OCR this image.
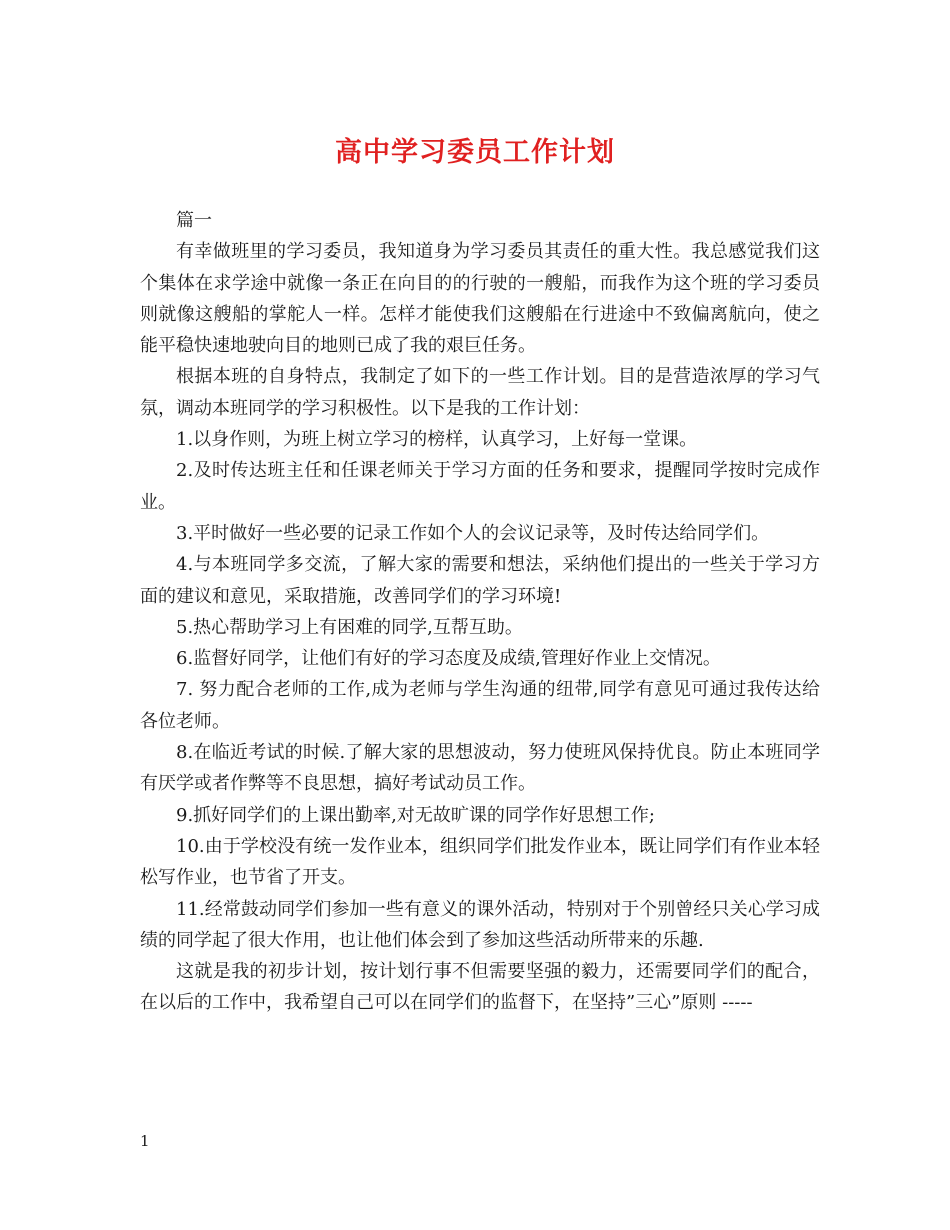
高中学习委员工作计划

篇一

有幸做班里的学习委员，我知道身为学习委员其责任的重大性。我总感觉我们这个集体在求学途中就像一条正在向目的的行驶的一艘船，而我作为这个班的学习委员则就像这艘船的掌舵人一样。怎样才能使我们这艘船在行进途中不致偏离航向，使之能平稳快速地驶向目的地则已成了我的艰巨任务。

根据本班的自身特点，我制定了如下的一些工作计划。目的是营造浓厚的学习气氛，调动本班同学的学习积极性。以下是我的工作计划：

1.以身作则，为班上树立学习的榜样，认真学习，上好每一堂课。

2.及时传达班主任和任课老师关于学习方面的任务和要求，提醒同学按时完成作业。

3.平时做好一些必要的记录工作如个人的会议记录等，及时传达给同学们。

4.与本班同学多交流，了解大家的需要和想法，采纳他们提出的一些关于学习方面的建议和意见，采取措施，改善同学们的学习环境!

5.热心帮助学习上有困难的同学,互帮互助。

6.监督好同学，让他们有好的学习态度及成绩,管理好作业上交情况。

7. 努力配合老师的工作,成为老师与学生沟通的纽带,同学有意见可通过我传达给各位老师。

8.在临近考试的时候.了解大家的思想波动，努力使班风保持优良。防止本班同学有厌学或者作弊等不良思想，搞好考试动员工作。

9.抓好同学们的上课出勤率,对无故旷课的同学作好思想工作;

10.由于学校没有统一发作业本，组织同学们批发作业本，既让同学们有作业本轻松写作业，也节省了开支。

11.经常鼓动同学们参加一些有意义的课外活动，特别对于个别曾经只关心学习成绩的同学起了很大作用，也让他们体会到了参加这些活动所带来的乐趣.

这就是我的初步计划，按计划行事不但需要坚强的毅力，还需要同学们的配合，在以后的工作中，我希望自己可以在同学们的监督下，在坚持”三心”原则 -----

1
